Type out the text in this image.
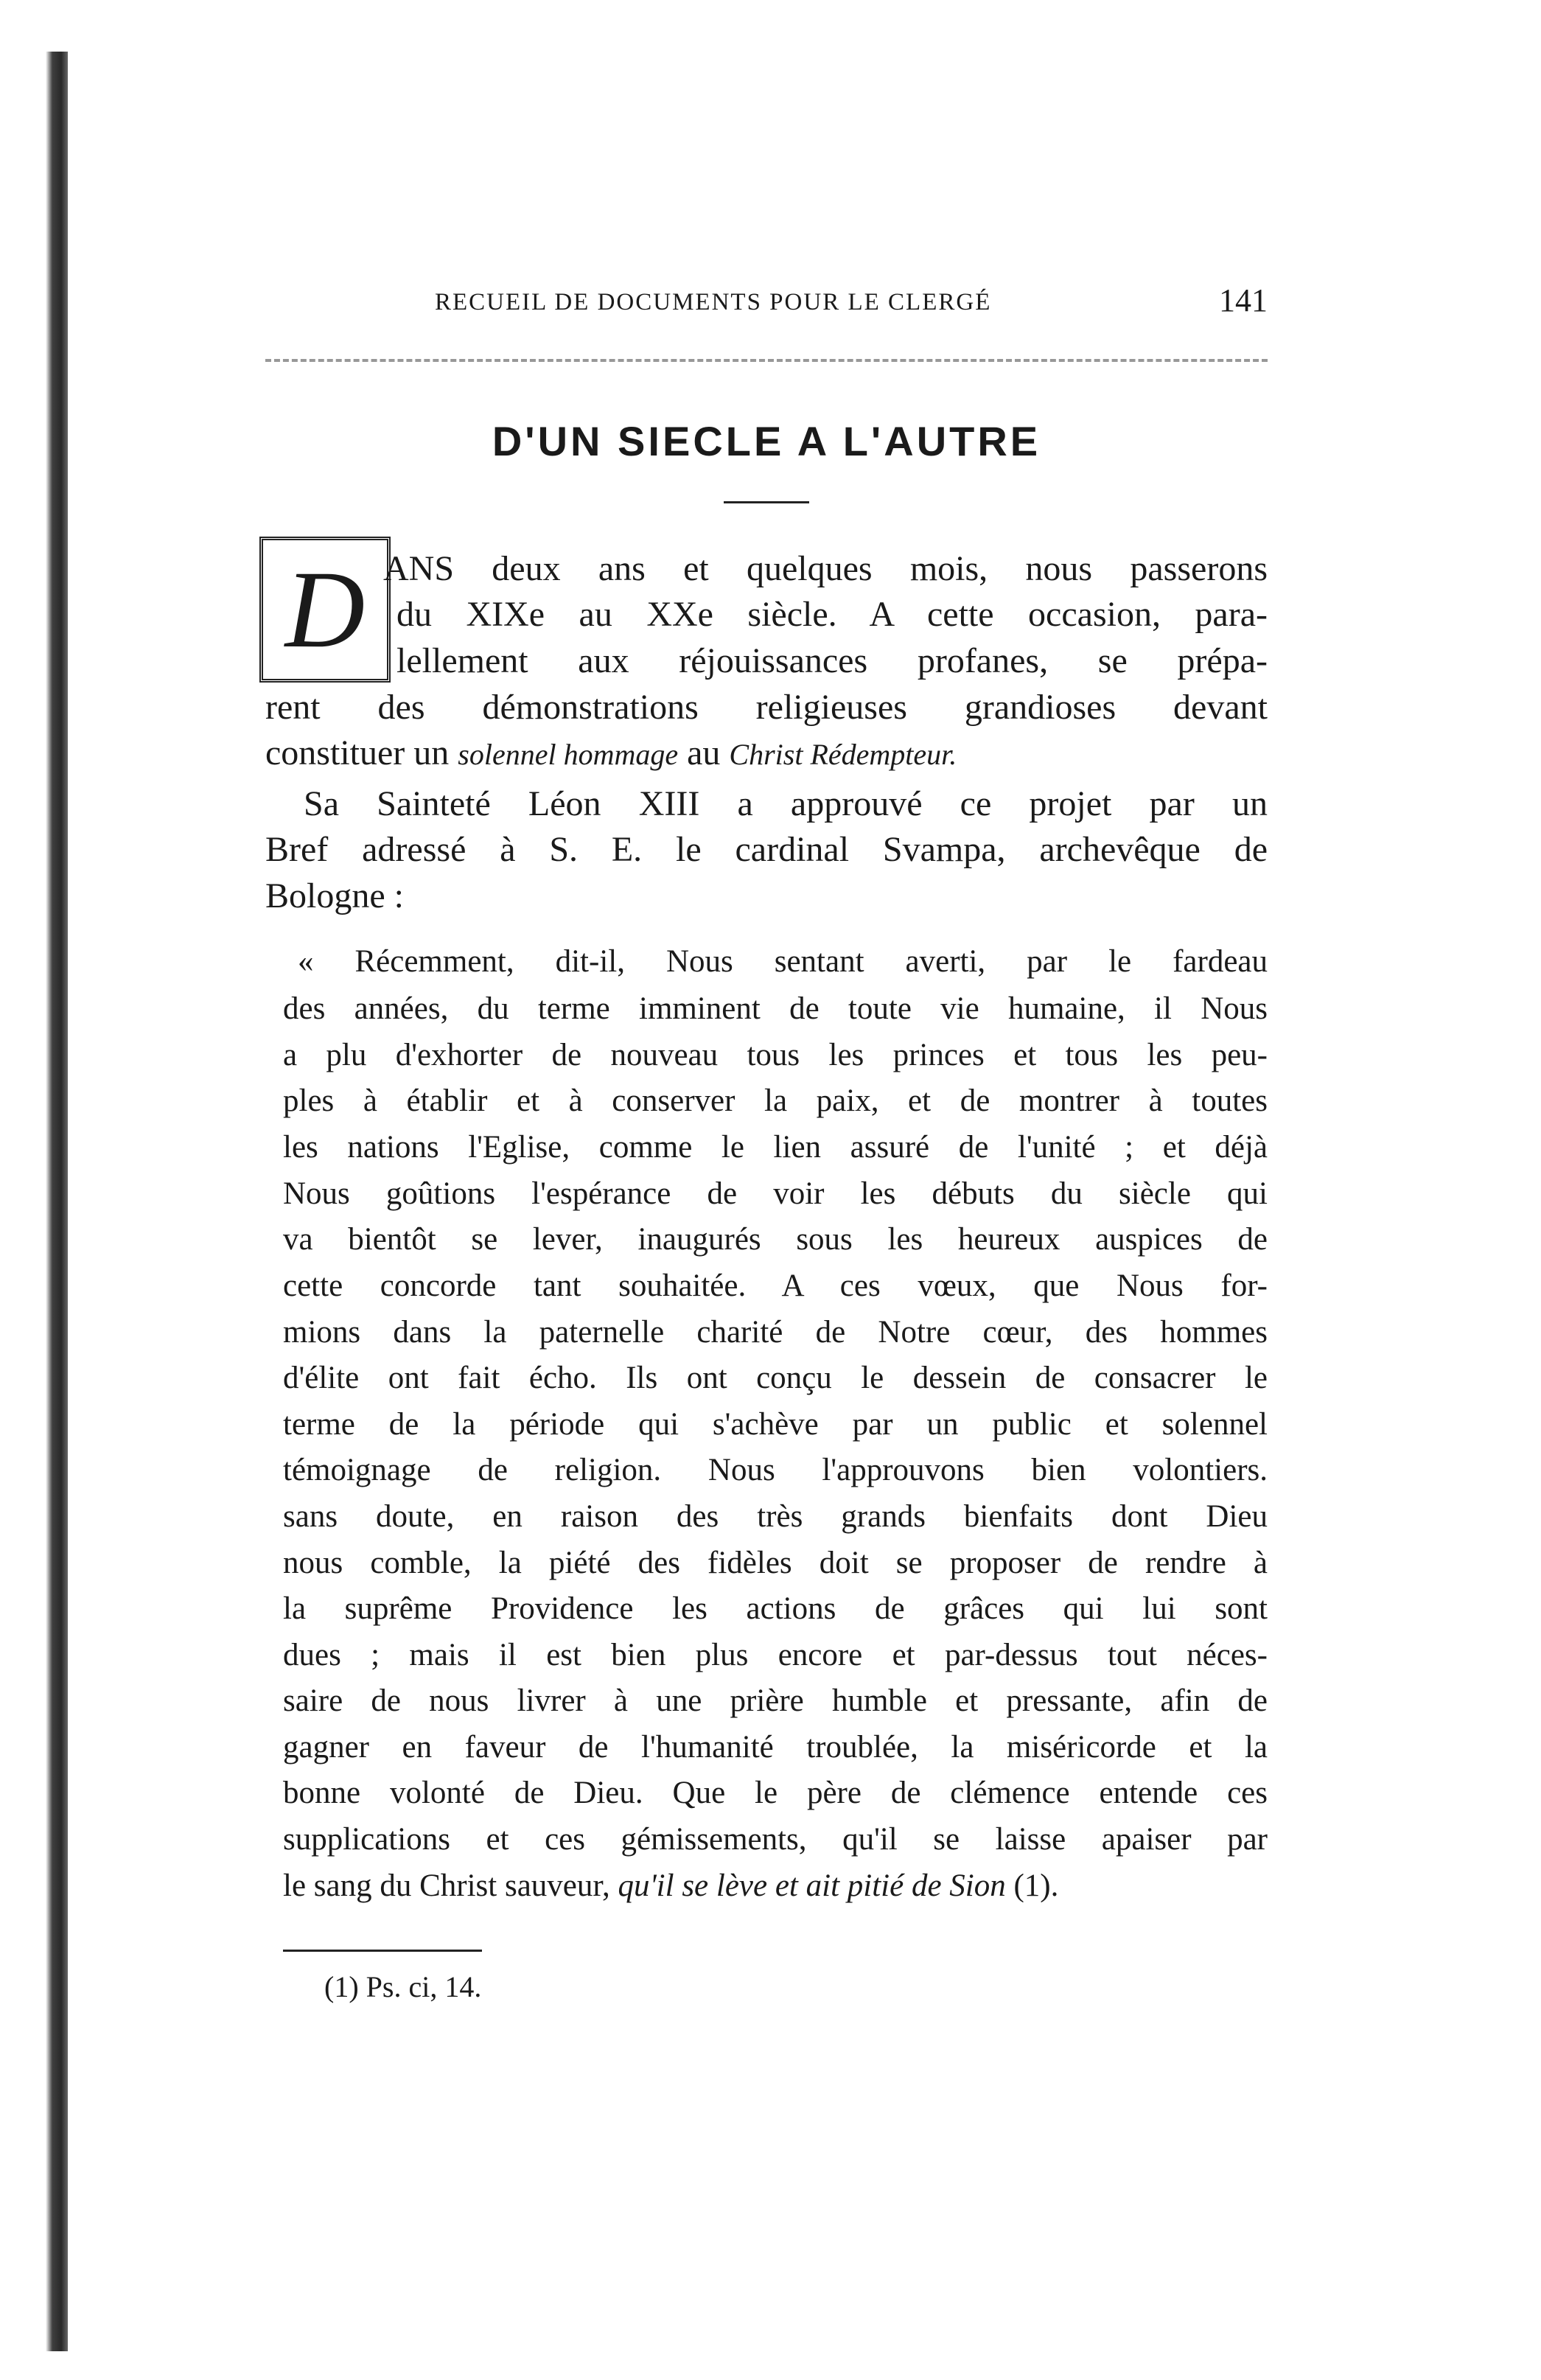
RECUEIL DE DOCUMENTS POUR LE CLERGÉ	141
D'UN SIECLE A L'AUTRE
D ANS deux ans et quelques mois, nous passerons
du XIXe au XXe siècle. A cette occasion, para-
lellement aux réjouissances profanes, se prépa-
rent des démonstrations religieuses grandioses devant
constituer un solennel hommage au Christ Rédempteur.
Sa Sainteté Léon XIII a approuvé ce projet par un
Bref adressé à S. E. le cardinal Svampa, archevêque de
Bologne :
« Récemment, dit-il, Nous sentant averti, par le fardeau
des années, du terme imminent de toute vie humaine, il Nous
a plu d'exhorter de nouveau tous les princes et tous les peu-
ples à établir et à conserver la paix, et de montrer à toutes
les nations l'Eglise, comme le lien assuré de l'unité ; et déjà
Nous goûtions l'espérance de voir les débuts du siècle qui
va bientôt se lever, inaugurés sous les heureux auspices de
cette concorde tant souhaitée. A ces vœux, que Nous for-
mions dans la paternelle charité de Notre cœur, des hommes
d'élite ont fait écho. Ils ont conçu le dessein de consacrer le
terme de la période qui s'achève par un public et solennel
témoignage de religion. Nous l'approuvons bien volontiers.
sans doute, en raison des très grands bienfaits dont Dieu
nous comble, la piété des fidèles doit se proposer de rendre à
la suprême Providence les actions de grâces qui lui sont
dues ; mais il est bien plus encore et par-dessus tout néces-
saire de nous livrer à une prière humble et pressante, afin de
gagner en faveur de l'humanité troublée, la miséricorde et la
bonne volonté de Dieu. Que le père de clémence entende ces
supplications et ces gémissements, qu'il se laisse apaiser par
le sang du Christ sauveur, qu'il se lève et ait pitié de Sion (1).
(1) Ps. ci, 14.
